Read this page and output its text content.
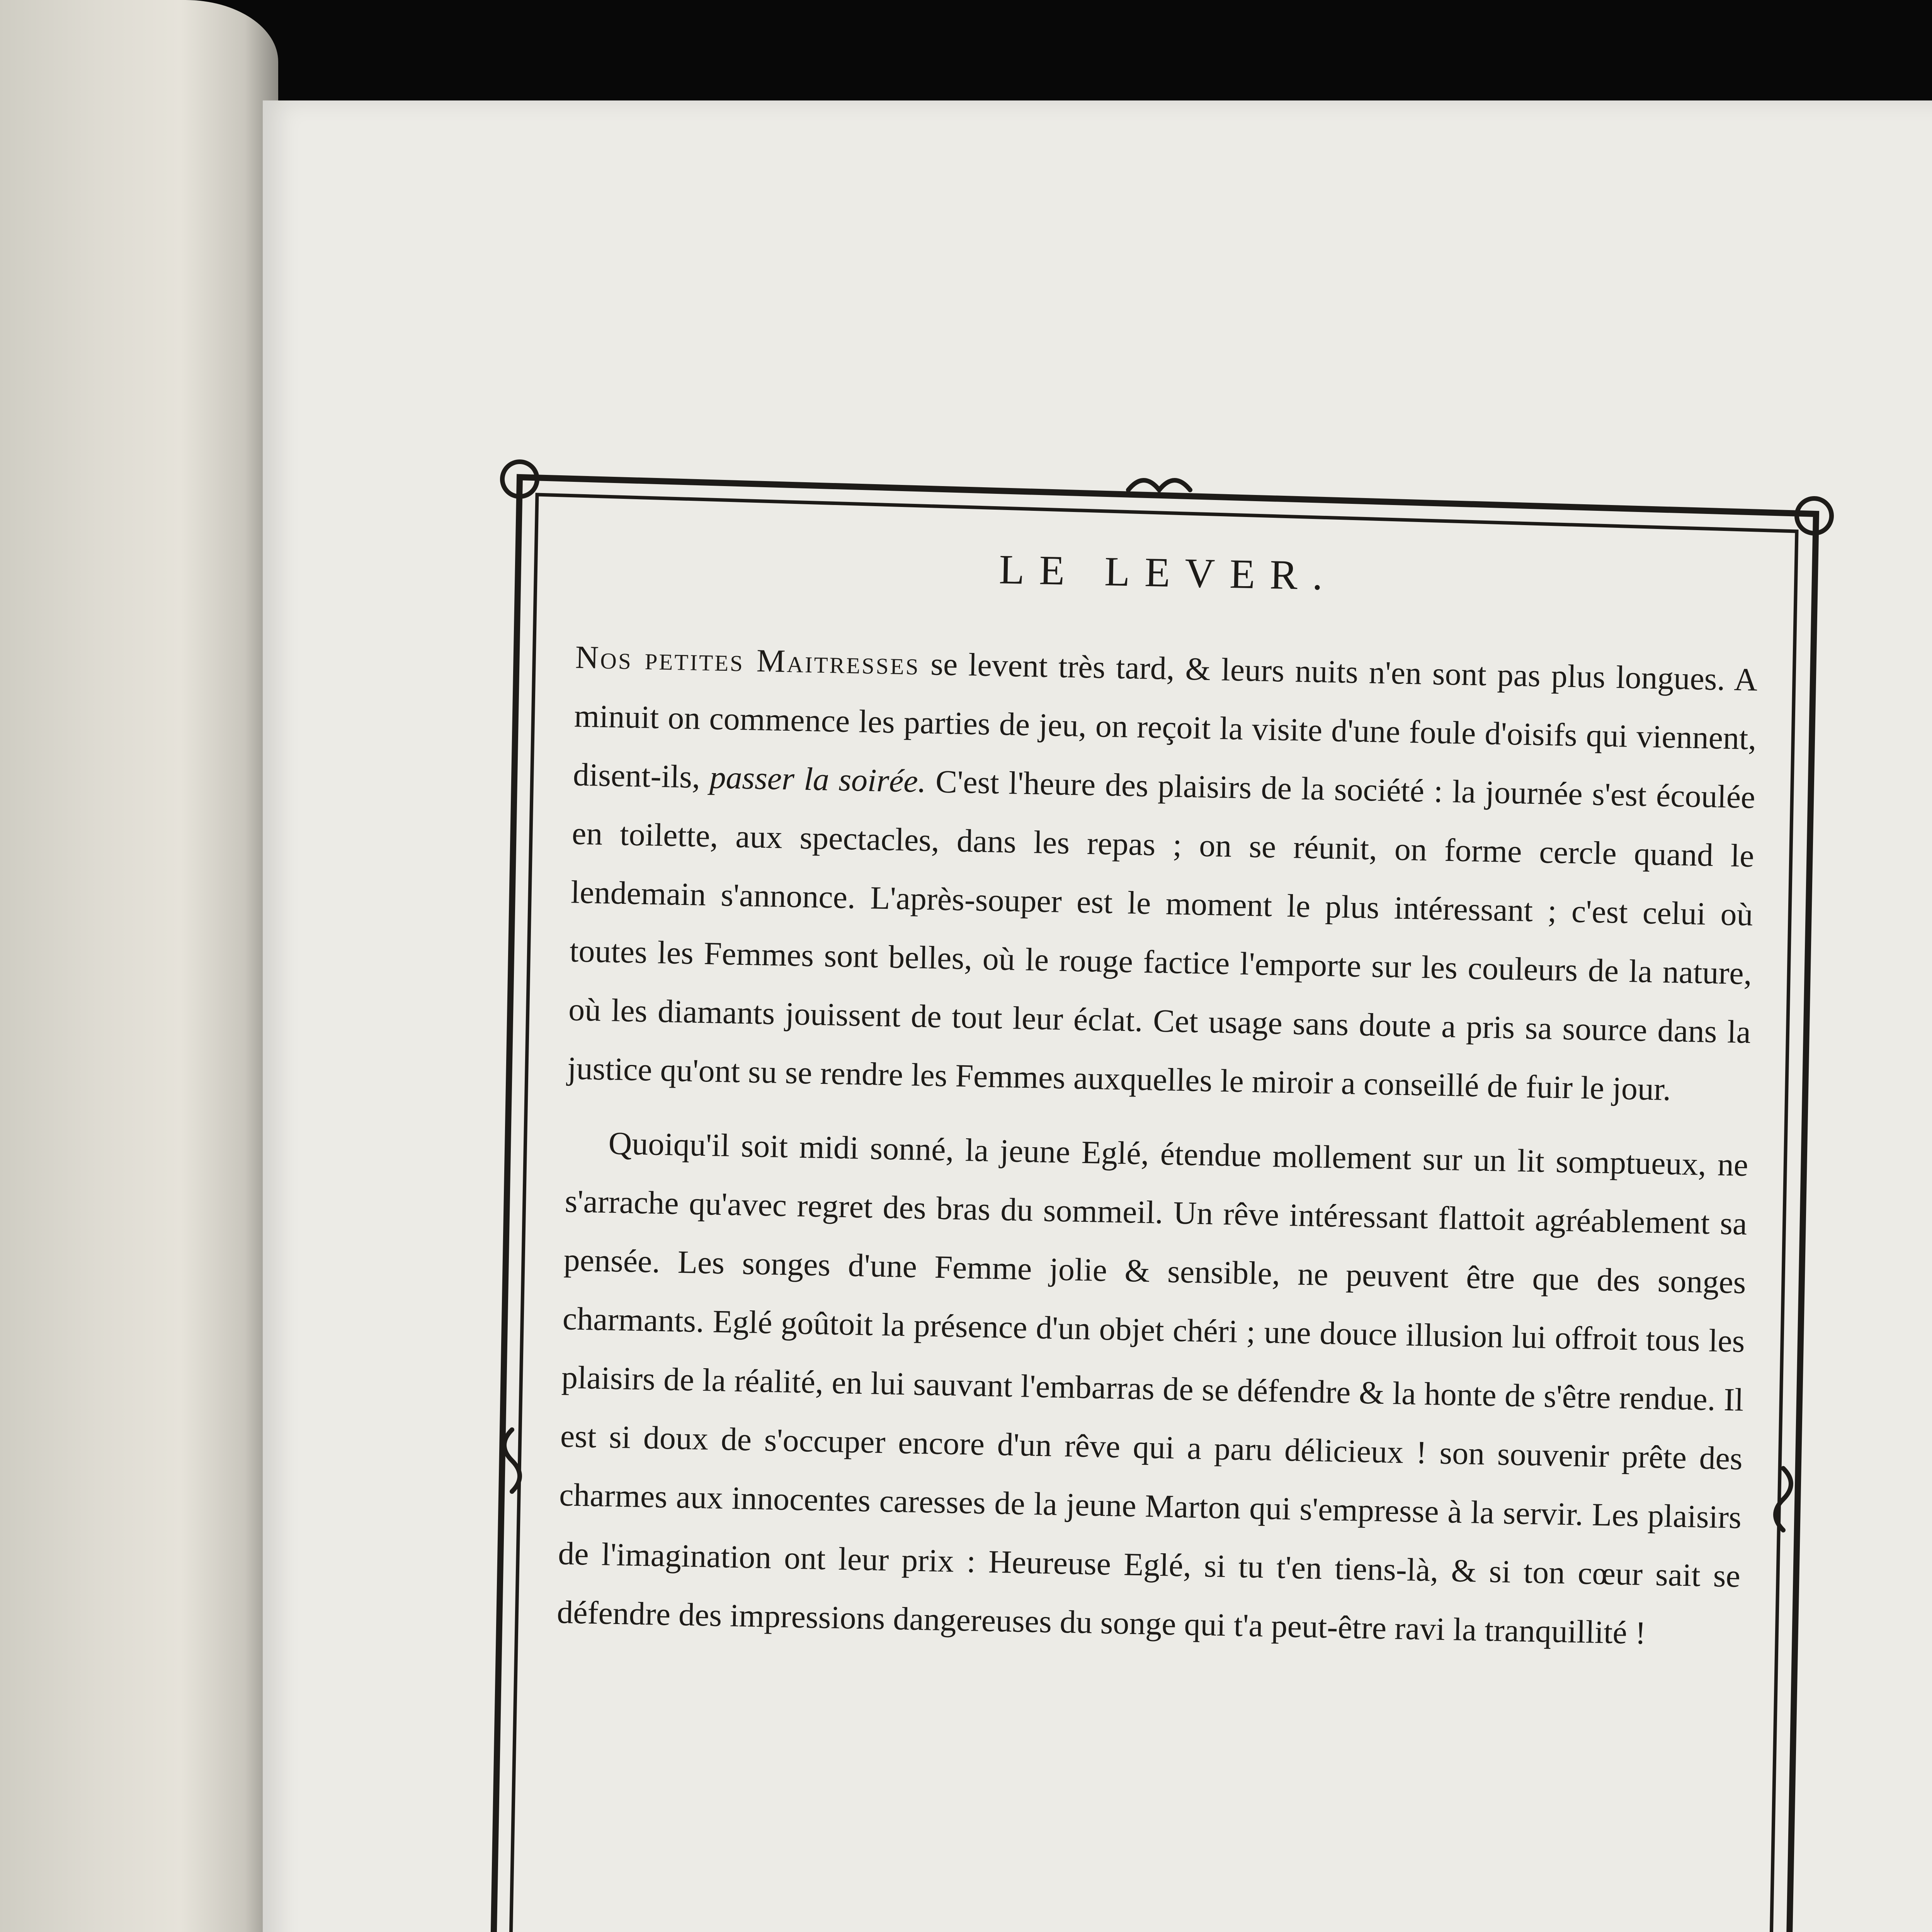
LE LEVER.

Nos petites Maitresses se levent très tard, & leurs nuits n'en sont pas plus longues. A minuit on commence les parties de jeu, on reçoit la visite d'une foule d'oisifs qui viennent, disent-ils, passer la soirée. C'est l'heure des plaisirs de la société : la journée s'est écoulée en toilette, aux spectacles, dans les repas ; on se réunit, on forme cercle quand le lendemain s'annonce. L'après-souper est le moment le plus intéressant ; c'est celui où toutes les Femmes sont belles, où le rouge factice l'emporte sur les couleurs de la nature, où les diamants jouissent de tout leur éclat. Cet usage sans doute a pris sa source dans la justice qu'ont su se rendre les Femmes auxquelles le miroir a conseillé de fuir le jour.

Quoiqu'il soit midi sonné, la jeune Eglé, étendue mollement sur un lit somptueux, ne s'arrache qu'avec regret des bras du sommeil. Un rêve intéressant flattoit agréablement sa pensée. Les songes d'une Femme jolie & sensible, ne peuvent être que des songes charmants. Eglé goûtoit la présence d'un objet chéri ; une douce illusion lui offroit tous les plaisirs de la réalité, en lui sauvant l'embarras de se défendre & la honte de s'être rendue. Il est si doux de s'occuper encore d'un rêve qui a paru délicieux ! son souvenir prête des charmes aux innocentes caresses de la jeune Marton qui s'empresse à la servir. Les plaisirs de l'imagination ont leur prix : Heureuse Eglé, si tu t'en tiens-là, & si ton cœur sait se défendre des impressions dangereuses du songe qui t'a peut-être ravi la tranquillité !
